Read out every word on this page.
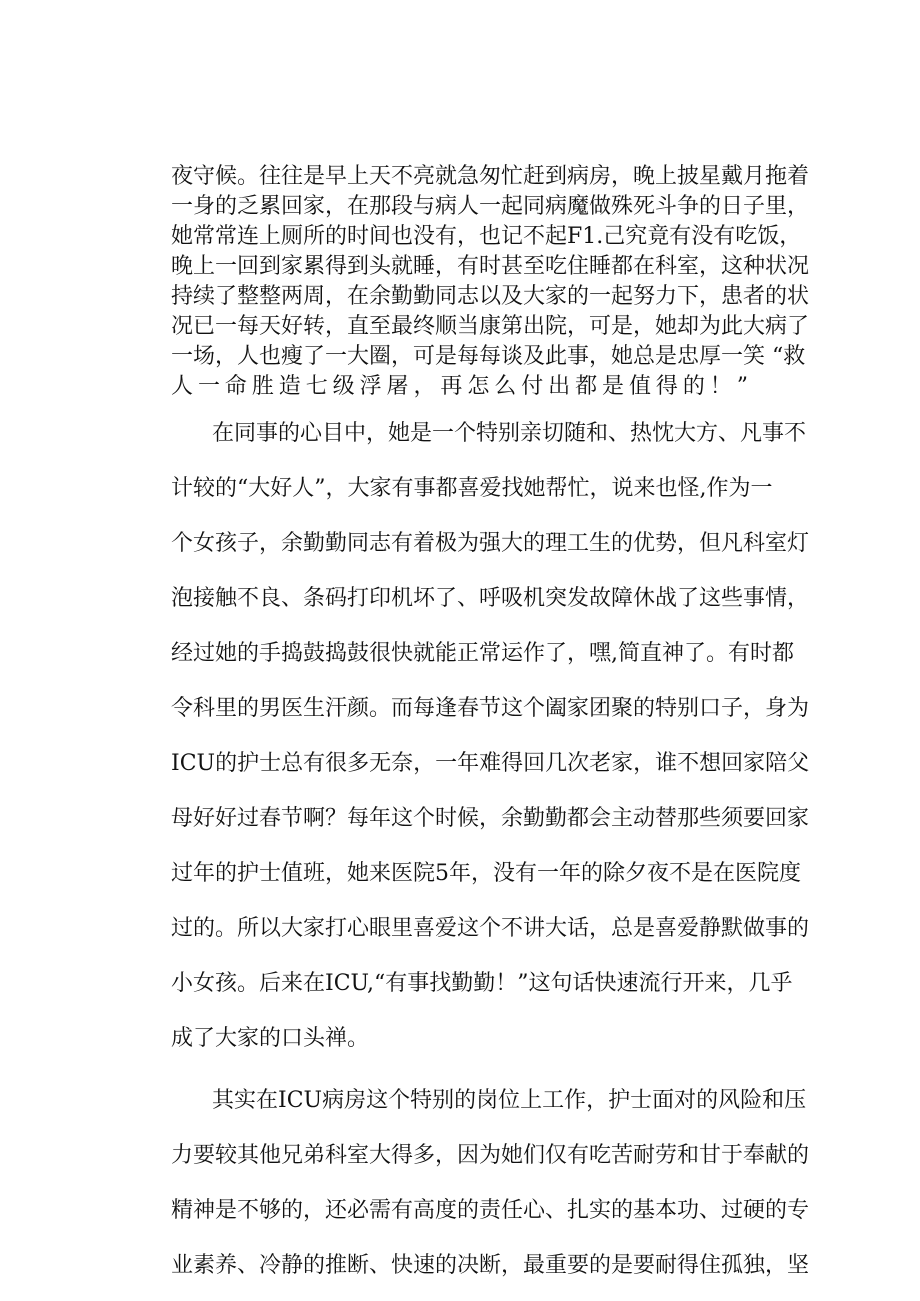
夜守候。往往是早上天不亮就急匆忙赶到病房，晚上披星戴月拖着

一身的乏累回家，在那段与病人一起同病魔做殊死斗争的日子里，

她常常连上厕所的时间也没有，也记不起F1.己究竟有没有吃饭，

晚上一回到家累得到头就睡，有时甚至吃住睡都在科室，这种状况

持续了整整两周，在余勤勤同志以及大家的一起努力下，患者的状

况已一每天好转，直至最终顺当康第出院，可是，她却为此大病了

一场，人也瘦了一大圈，可是每每谈及此事，她总是忠厚一笑 “救

人一命胜造七级浮屠，再怎么付出都是值得的！”

在同事的心目中，她是一个特别亲切随和、热忱大方、凡事不

计较的“大好人”，大家有事都喜爱找她帮忙，说来也怪,作为一

个女孩子，余勤勤同志有着极为强大的理工生的优势，但凡科室灯

泡接触不良、条码打印机坏了、呼吸机突发故障休战了这些事情，

经过她的手捣鼓捣鼓很快就能正常运作了，嘿,简直神了。有时都

令科里的男医生汗颜。而每逢春节这个阖家团聚的特别口子，身为

ICU的护士总有很多无奈，一年难得回几次老家，谁不想回家陪父

母好好过春节啊？每年这个时候，余勤勤都会主动替那些须要回家

过年的护士值班，她来医院5年，没有一年的除夕夜不是在医院度

过的。所以大家打心眼里喜爱这个不讲大话，总是喜爱静默做事的

小女孩。后来在ICU,“有事找勤勤！”这句话快速流行开来，几乎

成了大家的口头禅。

其实在ICU病房这个特别的岗位上工作，护士面对的风险和压

力要较其他兄弟科室大得多，因为她们仅有吃苦耐劳和甘于奉献的

精神是不够的，还必需有高度的责任心、扎实的基本功、过硬的专

业素养、冷静的推断、快速的决断，最重要的是要耐得住孤独，坚
